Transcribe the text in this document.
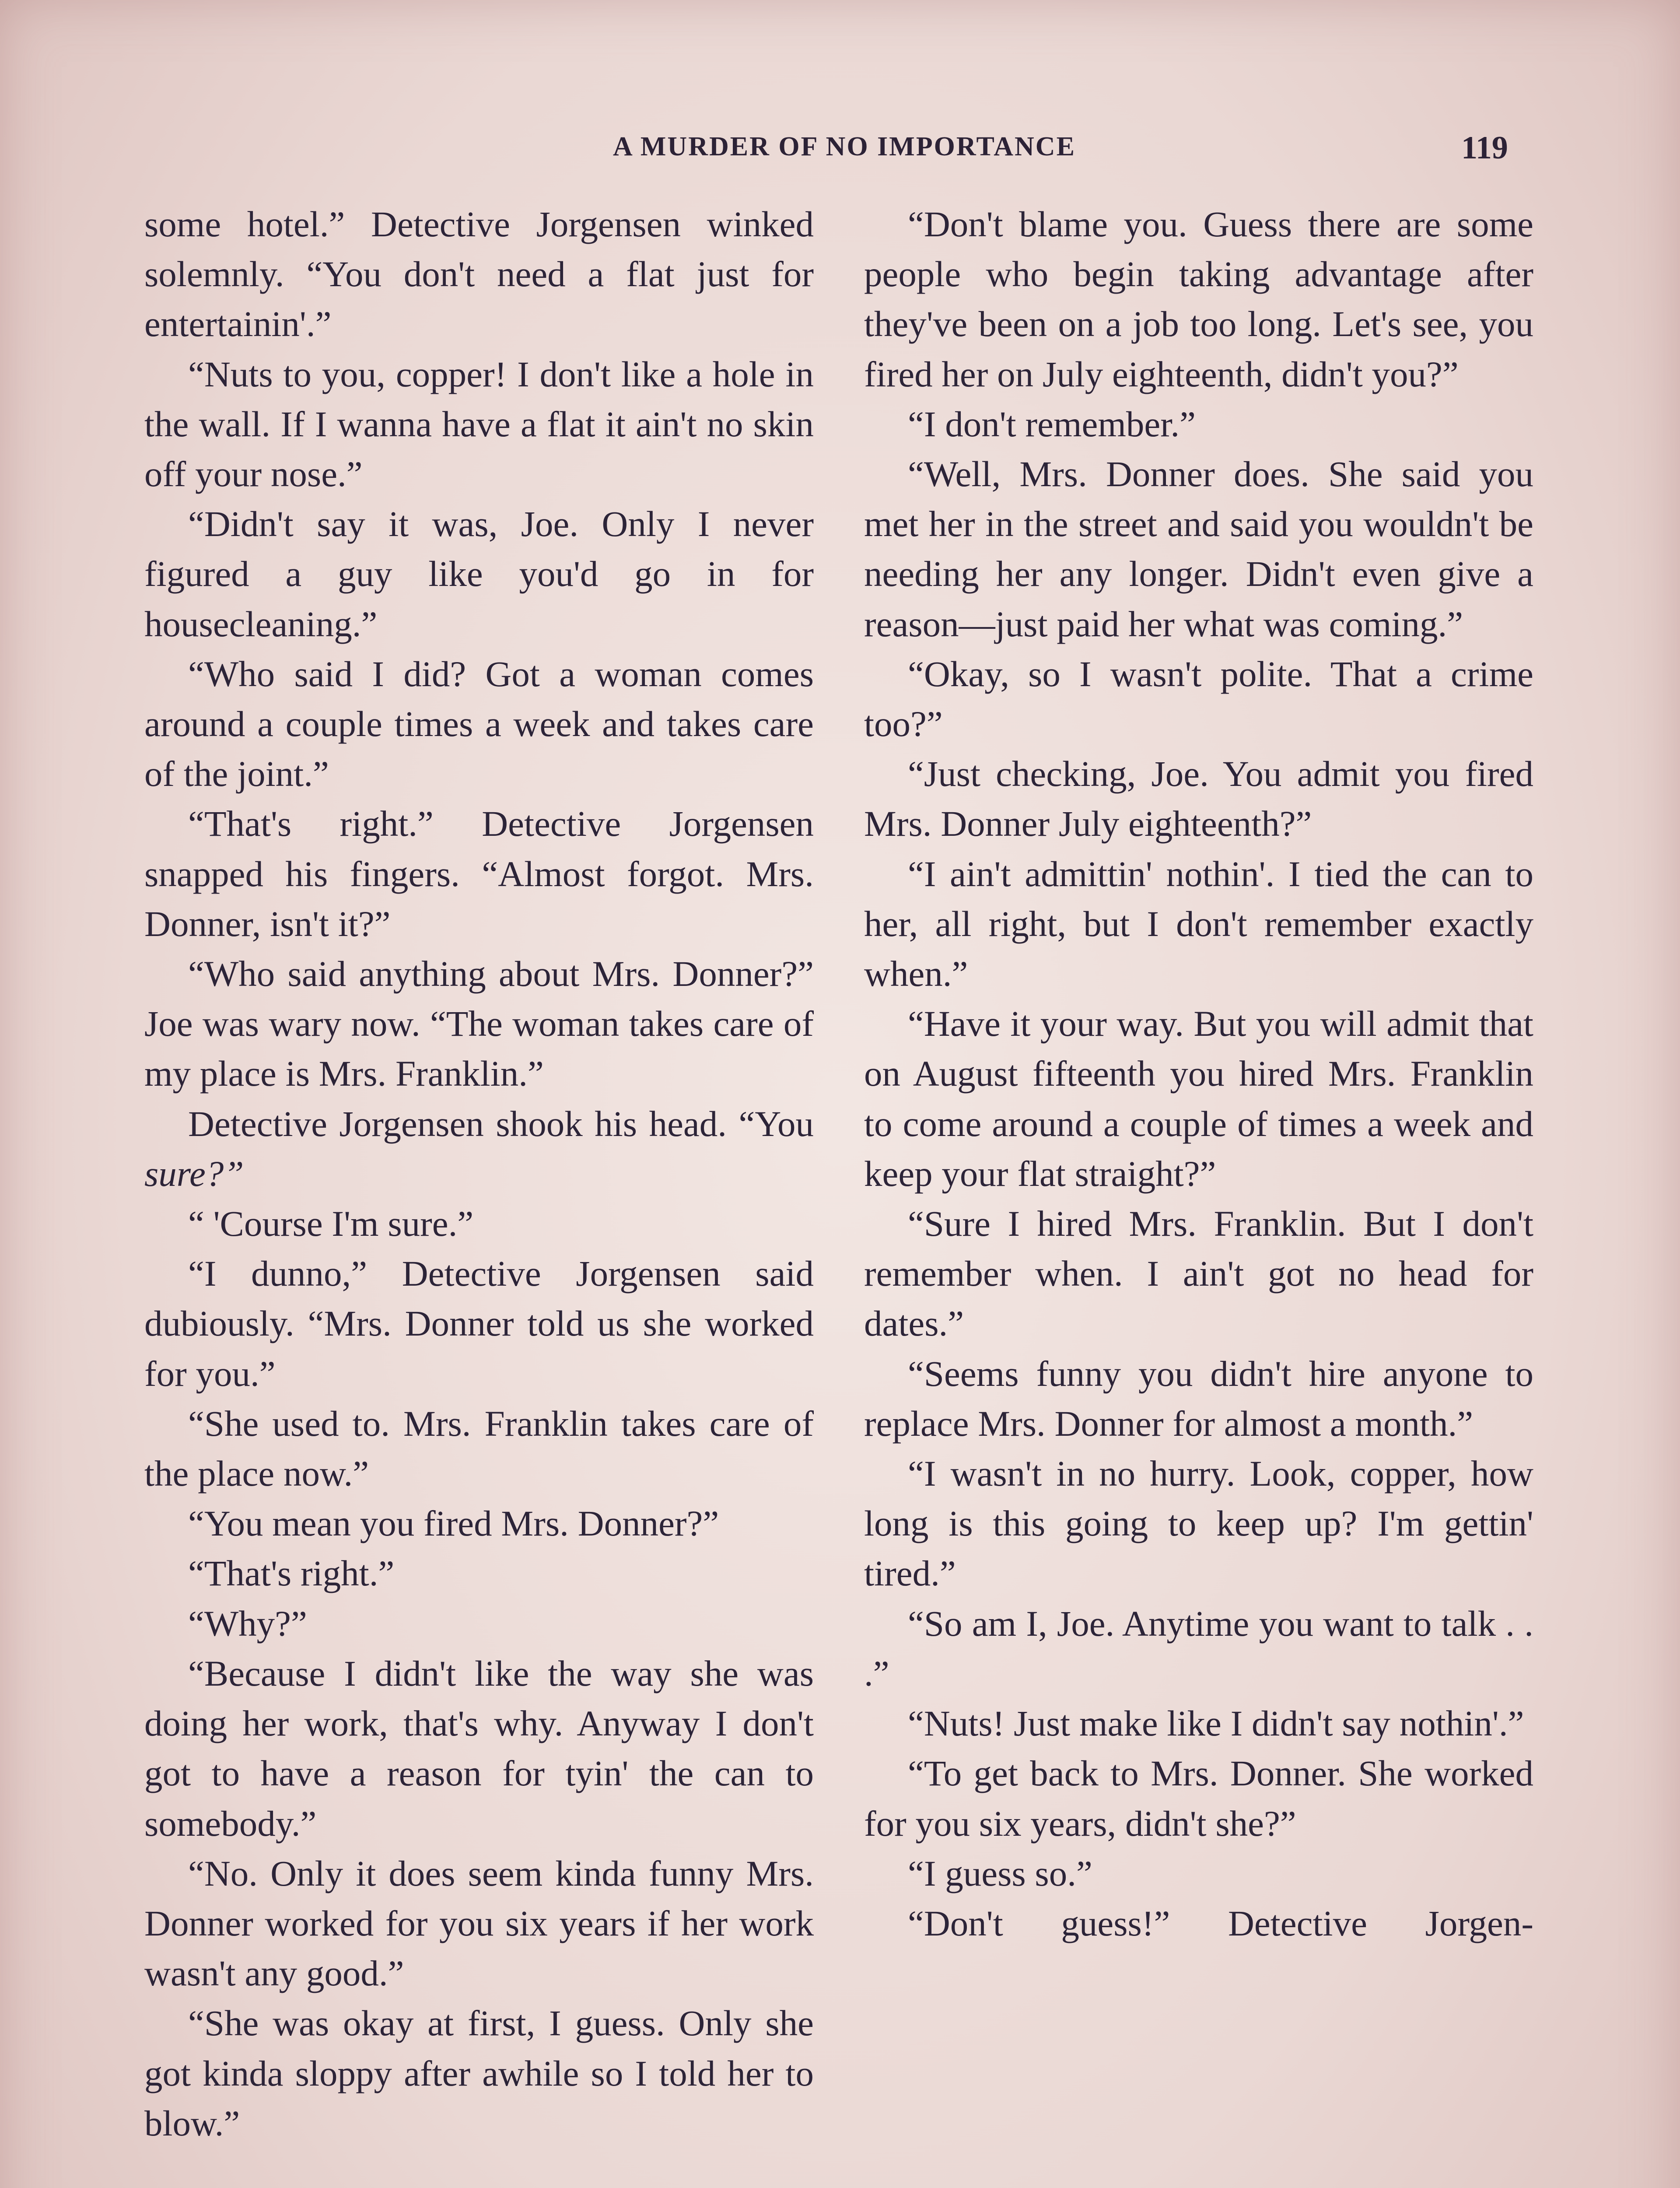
A MURDER OF NO IMPORTANCE	119

some hotel.” Detective Jorgensen winked solemnly. “You don't need a flat just for entertainin'.”

“Nuts to you, copper! I don't like a hole in the wall. If I wanna have a flat it ain't no skin off your nose.”

“Didn't say it was, Joe. Only I never figured a guy like you'd go in for housecleaning.”

“Who said I did? Got a woman comes around a couple times a week and takes care of the joint.”

“That's right.” Detective Jorgensen snapped his fingers. “Almost forgot. Mrs. Donner, isn't it?”

“Who said anything about Mrs. Donner?” Joe was wary now. “The woman takes care of my place is Mrs. Franklin.”

Detective Jorgensen shook his head. “You sure?”

“ 'Course I'm sure.”

“I dunno,” Detective Jorgensen said dubiously. “Mrs. Donner told us she worked for you.”

“She used to. Mrs. Franklin takes care of the place now.”

“You mean you fired Mrs. Donner?”

“That's right.”

“Why?”

“Because I didn't like the way she was doing her work, that's why. Anyway I don't got to have a reason for tyin' the can to somebody.”

“No. Only it does seem kinda funny Mrs. Donner worked for you six years if her work wasn't any good.”

“She was okay at first, I guess. Only she got kinda sloppy after awhile so I told her to blow.”

“Don't blame you. Guess there are some people who begin taking advantage after they've been on a job too long. Let's see, you fired her on July eighteenth, didn't you?”

“I don't remember.”

“Well, Mrs. Donner does. She said you met her in the street and said you wouldn't be needing her any longer. Didn't even give a reason—just paid her what was coming.”

“Okay, so I wasn't polite. That a crime too?”

“Just checking, Joe. You admit you fired Mrs. Donner July eighteenth?”

“I ain't admittin' nothin'. I tied the can to her, all right, but I don't remember exactly when.”

“Have it your way. But you will admit that on August fifteenth you hired Mrs. Franklin to come around a couple of times a week and keep your flat straight?”

“Sure I hired Mrs. Franklin. But I don't remember when. I ain't got no head for dates.”

“Seems funny you didn't hire anyone to replace Mrs. Donner for almost a month.”

“I wasn't in no hurry. Look, copper, how long is this going to keep up? I'm gettin' tired.”

“So am I, Joe. Anytime you want to talk . . .”

“Nuts! Just make like I didn't say nothin'.”

“To get back to Mrs. Donner. She worked for you six years, didn't she?”

“I guess so.”

“Don't guess!” Detective Jorgen-
